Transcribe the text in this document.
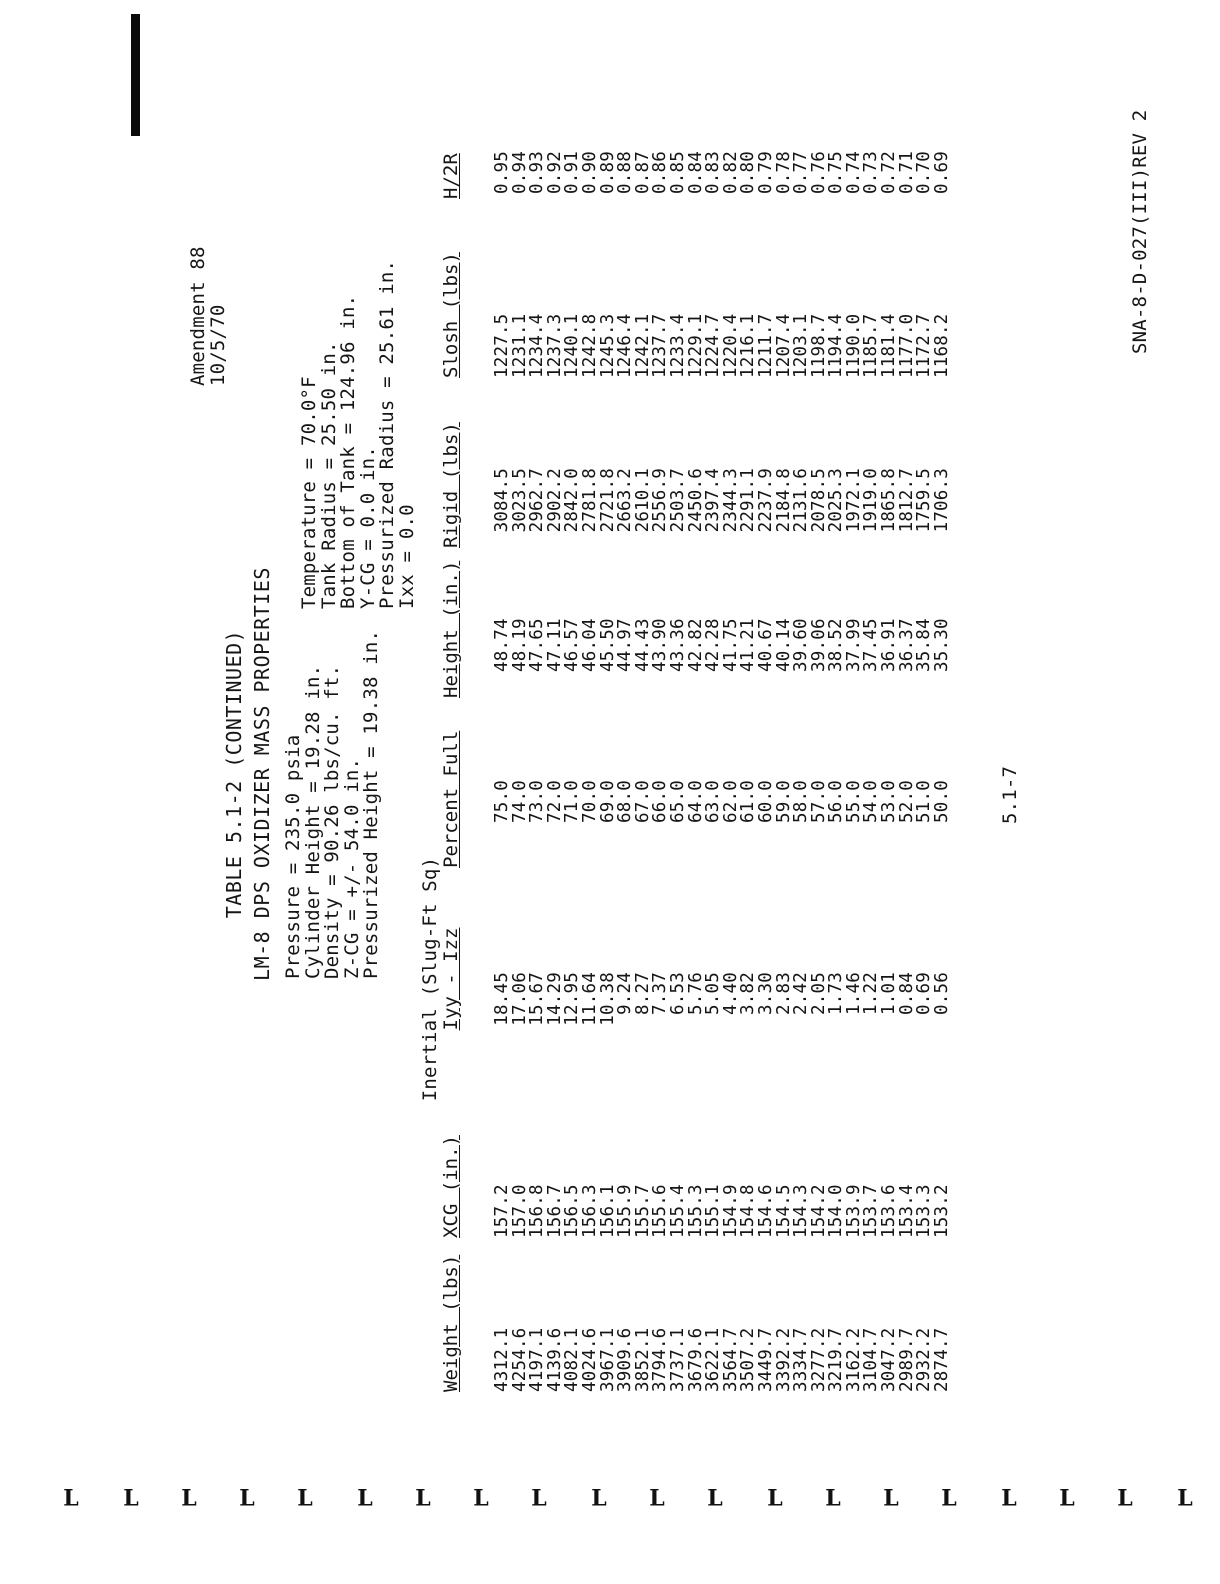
Amendment 88
10/5/70
TABLE 5.1-2 (CONTINUED) LM-8 DPS OXIDIZER MASS PROPERTIES Pressure = 235.0 psia
Cylinder Height = 19.28 in.
Density = 90.26 lbs/cu. ft.
Z-CG = +/- 54.0 in.
Pressurized Height = 19.38 in.
Temperature = 70.0°F
Tank Radius = 25.50 in.
Bottom of Tank = 124.96 in.
Y-CG = 0.0 in.
Pressurized Radius = 25.61 in.
Ixx = 0.0
Inertial (Slug-Ft Sq)
Weight (lbs)
XCG (in.)
Iyy - Izz
Percent Full
Height (in.)
Rigid (lbs)
Slosh (lbs)
H/2R
4312.1
4254.6
4197.1
4139.6
4082.1
4024.6
3967.1
3909.6
3852.1
3794.6
3737.1
3679.6
3622.1
3564.7
3507.2
3449.7
3392.2
3334.7
3277.2
3219.7
3162.2
3104.7
3047.2
2989.7
2932.2
2874.7
157.2
157.0
156.8
156.7
156.5
156.3
156.1
155.9
155.7
155.6
155.4
155.3
155.1
154.9
154.8
154.6
154.5
154.3
154.2
154.0
153.9
153.7
153.6
153.4
153.3
153.2
18.45
17.06
15.67
14.29
12.95
11.64
10.38
9.24
8.27
7.37
6.53
5.76
5.05
4.40
3.82
3.30
2.83
2.42
2.05
1.73
1.46
1.22
1.01
0.84
0.69
0.56
75.0
74.0
73.0
72.0
71.0
70.0
69.0
68.0
67.0
66.0
65.0
64.0
63.0
62.0
61.0
60.0
59.0
58.0
57.0
56.0
55.0
54.0
53.0
52.0
51.0
50.0
48.74
48.19
47.65
47.11
46.57
46.04
45.50
44.97
44.43
43.90
43.36
42.82
42.28
41.75
41.21
40.67
40.14
39.60
39.06
38.52
37.99
37.45
36.91
36.37
35.84
35.30
3084.5
3023.5
2962.7
2902.2
2842.0
2781.8
2721.8
2663.2
2610.1
2556.9
2503.7
2450.6
2397.4
2344.3
2291.1
2237.9
2184.8
2131.6
2078.5
2025.3
1972.1
1919.0
1865.8
1812.7
1759.5
1706.3
1227.5
1231.1
1234.4
1237.3
1240.1
1242.8
1245.3
1246.4
1242.1
1237.7
1233.4
1229.1
1224.7
1220.4
1216.1
1211.7
1207.4
1203.1
1198.7
1194.4
1190.0
1185.7
1181.4
1177.0
1172.7
1168.2
0.95
0.94
0.93
0.92
0.91
0.90
0.89
0.88
0.87
0.86
0.85
0.84
0.83
0.82
0.80
0.79
0.78
0.77
0.76
0.75
0.74
0.73
0.72
0.71
0.70
0.69
5.1-7
SNA-8-D-027(III)REV 2
L L L L L L L L L L L L L L L L L L L L
